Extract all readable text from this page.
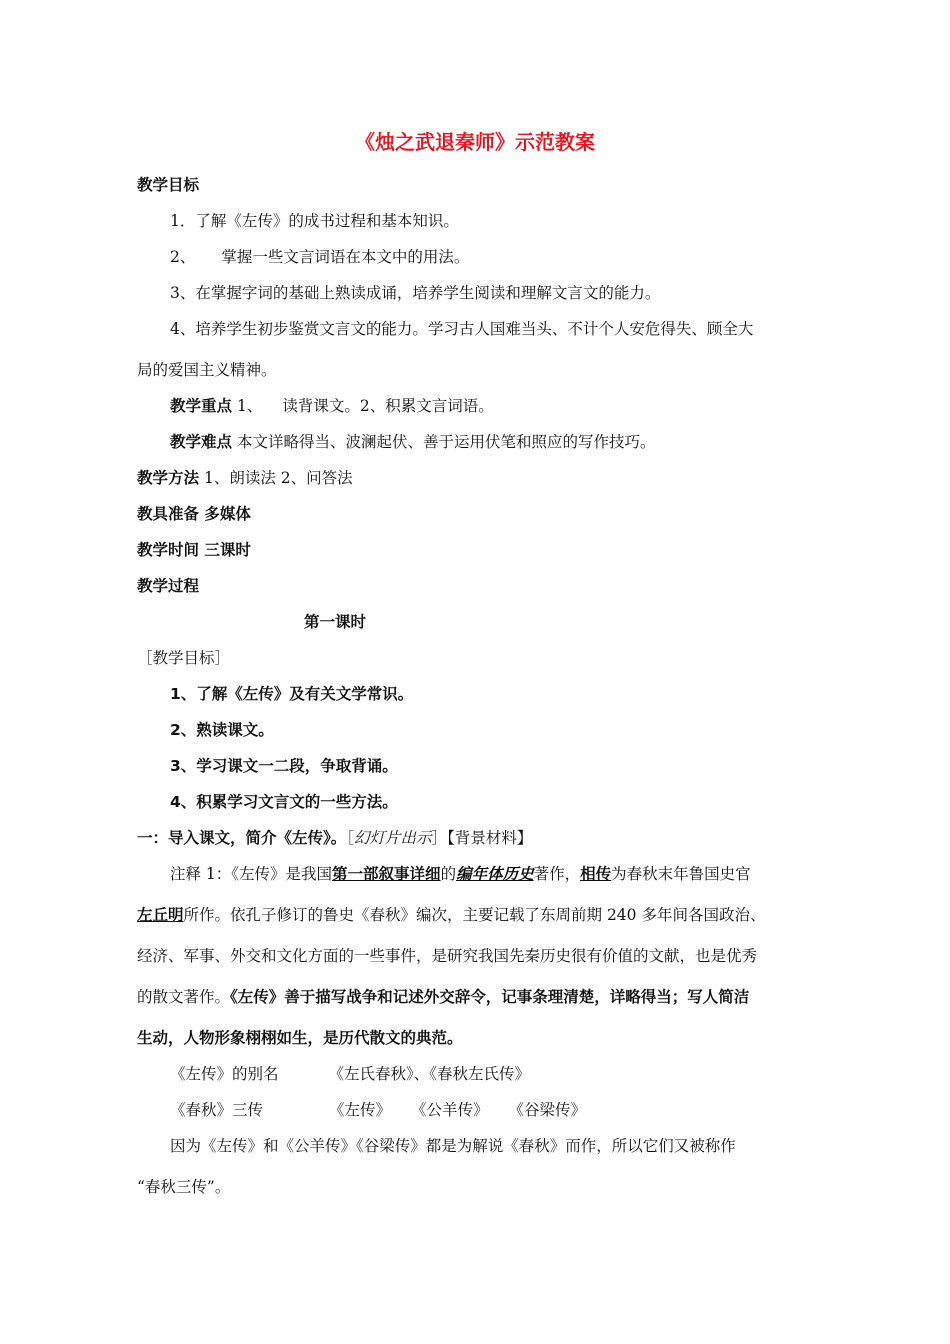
《烛之武退秦师》示范教案
教学目标
1．了解《左传》的成书过程和基本知识。
2、 掌握一些文言词语在本文中的用法。
3、在掌握字词的基础上熟读成诵，培养学生阅读和理解文言文的能力。
4、培养学生初步鉴赏文言文的能力。学习古人国难当头、不计个人安危得失、顾全大
局的爱国主义精神。
教学重点 1、 读背课文。2、积累文言词语。
教学难点 本文详略得当、波澜起伏、善于运用伏笔和照应的写作技巧。
教学方法 1、朗读法 2、问答法
教具准备 多媒体
教学时间 三课时
教学过程
第一课时
［教学目标］
1、了解《左传》及有关文学常识。
2、熟读课文。
3、学习课文一二段，争取背诵。
4、积累学习文言文的一些方法。
一：导入课文，简介《左传》。［幻灯片出示］【背景材料】
注释 1：《左传》是我国第一部叙事详细的编年体历史著作，相传为春秋末年鲁国史官
左丘明所作。依孔子修订的鲁史《春秋》编次，主要记载了东周前期 240 多年间各国政治、
经济、军事、外交和文化方面的一些事件，是研究我国先秦历史很有价值的文献，也是优秀
的散文著作。《左传》善于描写战争和记述外交辞令，记事条理清楚，详略得当；写人简洁
生动，人物形象栩栩如生，是历代散文的典范。
《左传》的别名	《左氏春秋》、《春秋左氏传》
《春秋》三传	《左传》 《公羊传》 《谷梁传》
因为《左传》和《公羊传》《谷梁传》都是为解说《春秋》而作，所以它们又被称作
“春秋三传”。
